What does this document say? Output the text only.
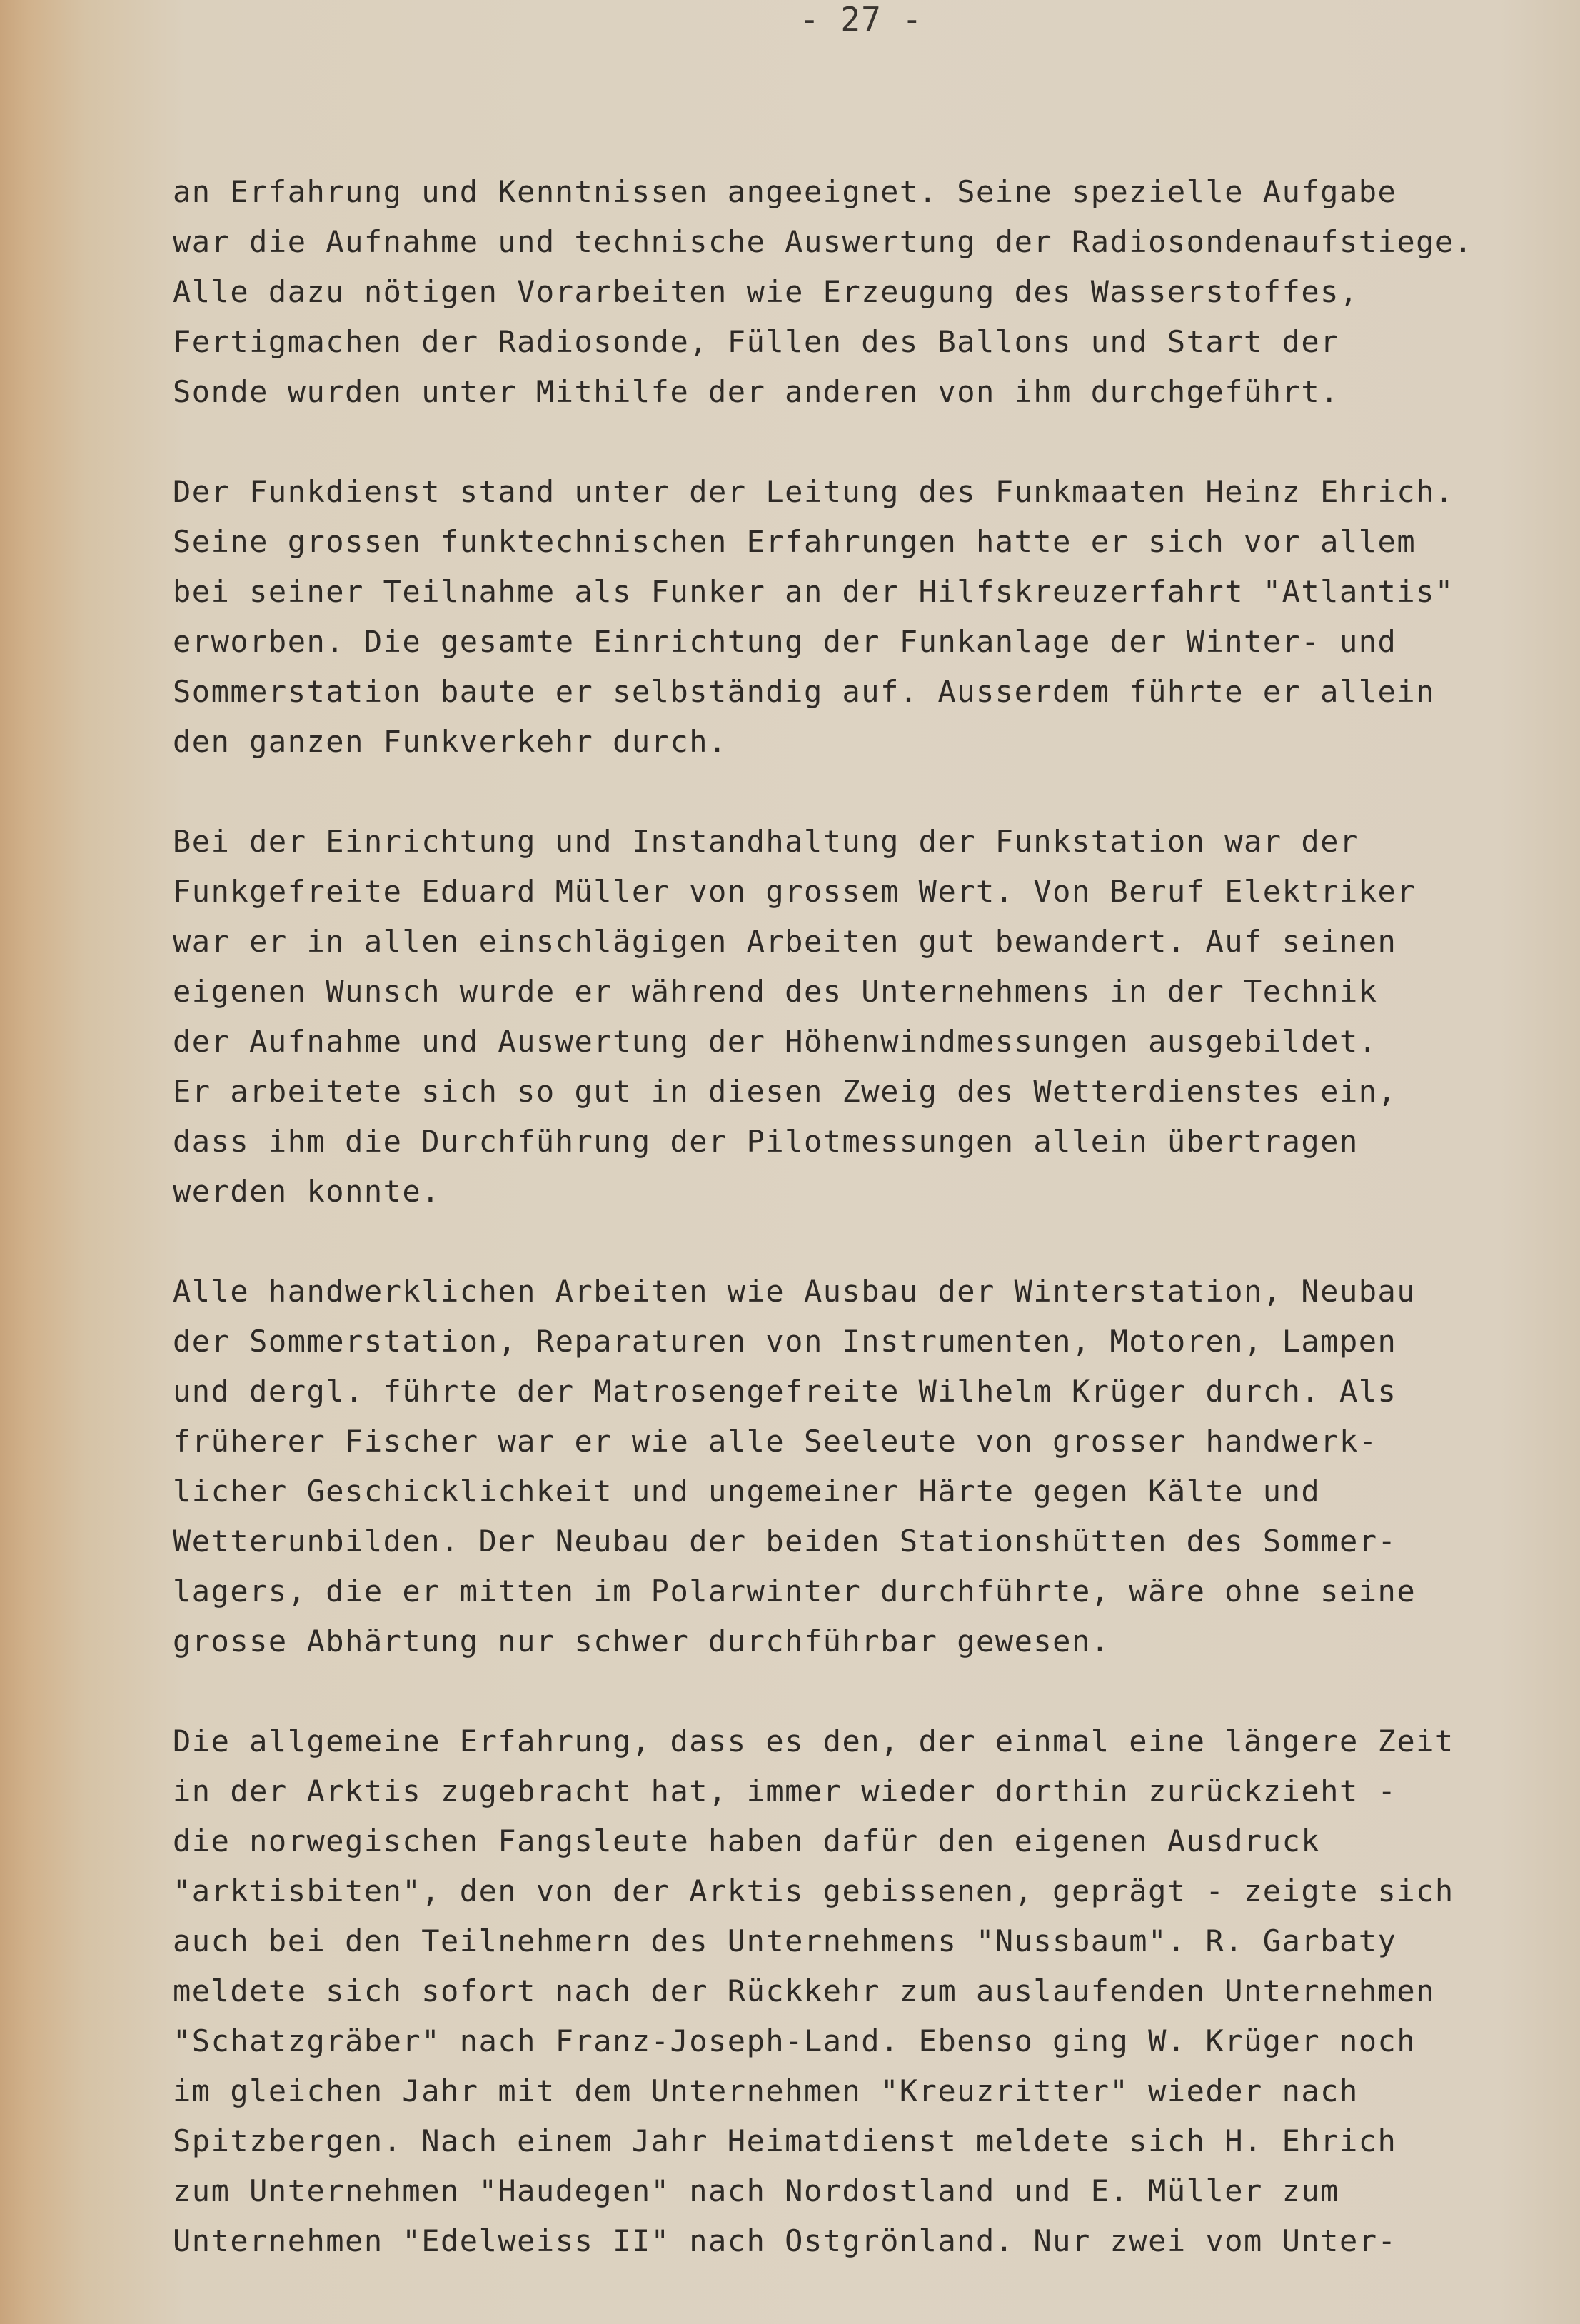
- 27 -
an Erfahrung und Kenntnissen angeeignet. Seine spezielle Aufgabe
war die Aufnahme und technische Auswertung der Radiosondenaufstiege.
Alle dazu nötigen Vorarbeiten wie Erzeugung des Wasserstoffes,
Fertigmachen der Radiosonde, Füllen des Ballons und Start der
Sonde wurden unter Mithilfe der anderen von ihm durchgeführt.
Der Funkdienst stand unter der Leitung des Funkmaaten Heinz Ehrich.
Seine grossen funktechnischen Erfahrungen hatte er sich vor allem
bei seiner Teilnahme als Funker an der Hilfskreuzerfahrt "Atlantis"
erworben. Die gesamte Einrichtung der Funkanlage der Winter- und
Sommerstation baute er selbständig auf. Ausserdem führte er allein
den ganzen Funkverkehr durch.
Bei der Einrichtung und Instandhaltung der Funkstation war der
Funkgefreite Eduard Müller von grossem Wert. Von Beruf Elektriker
war er in allen einschlägigen Arbeiten gut bewandert. Auf seinen
eigenen Wunsch wurde er während des Unternehmens in der Technik
der Aufnahme und Auswertung der Höhenwindmessungen ausgebildet.
Er arbeitete sich so gut in diesen Zweig des Wetterdienstes ein,
dass ihm die Durchführung der Pilotmessungen allein übertragen
werden konnte.
Alle handwerklichen Arbeiten wie Ausbau der Winterstation, Neubau
der Sommerstation, Reparaturen von Instrumenten, Motoren, Lampen
und dergl. führte der Matrosengefreite Wilhelm Krüger durch. Als
früherer Fischer war er wie alle Seeleute von grosser handwerk-
licher Geschicklichkeit und ungemeiner Härte gegen Kälte und
Wetterunbilden. Der Neubau der beiden Stationshütten des Sommer-
lagers, die er mitten im Polarwinter durchführte, wäre ohne seine
grosse Abhärtung nur schwer durchführbar gewesen.
Die allgemeine Erfahrung, dass es den, der einmal eine längere Zeit
in der Arktis zugebracht hat, immer wieder dorthin zurückzieht -
die norwegischen Fangsleute haben dafür den eigenen Ausdruck
"arktisbiten", den von der Arktis gebissenen, geprägt - zeigte sich
auch bei den Teilnehmern des Unternehmens "Nussbaum". R. Garbaty
meldete sich sofort nach der Rückkehr zum auslaufenden Unternehmen
"Schatzgräber" nach Franz-Joseph-Land. Ebenso ging W. Krüger noch
im gleichen Jahr mit dem Unternehmen "Kreuzritter" wieder nach
Spitzbergen. Nach einem Jahr Heimatdienst meldete sich H. Ehrich
zum Unternehmen "Haudegen" nach Nordostland und E. Müller zum
Unternehmen "Edelweiss II" nach Ostgrönland. Nur zwei vom Unter-
